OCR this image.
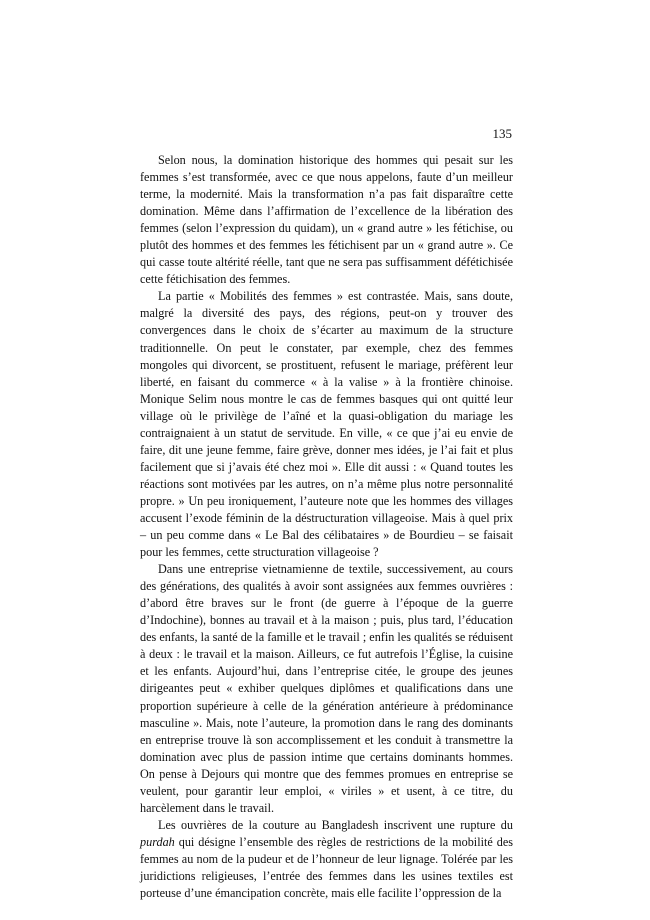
135

Selon nous, la domination historique des hommes qui pesait sur les femmes s’est transformée, avec ce que nous appelons, faute d’un meilleur terme, la modernité. Mais la transformation n’a pas fait disparaître cette domination. Même dans l’affirmation de l’excellence de la libération des femmes (selon l’expression du quidam), un « grand autre » les fétichise, ou plutôt des hommes et des femmes les fétichisent par un « grand autre ». Ce qui casse toute altérité réelle, tant que ne sera pas suffisamment défétichisée cette fétichisation des femmes.

La partie « Mobilités des femmes » est contrastée. Mais, sans doute, malgré la diversité des pays, des régions, peut-on y trouver des convergences dans le choix de s’écarter au maximum de la structure traditionnelle. On peut le constater, par exemple, chez des femmes mongoles qui divorcent, se prostituent, refusent le mariage, préfèrent leur liberté, en faisant du commerce « à la valise » à la frontière chinoise. Monique Selim nous montre le cas de femmes basques qui ont quitté leur village où le privilège de l’aîné et la quasi-obligation du mariage les contraignaient à un statut de servitude. En ville, « ce que j’ai eu envie de faire, dit une jeune femme, faire grève, donner mes idées, je l’ai fait et plus facilement que si j’avais été chez moi ». Elle dit aussi : « Quand toutes les réactions sont motivées par les autres, on n’a même plus notre personnalité propre. » Un peu ironiquement, l’auteure note que les hommes des villages accusent l’exode féminin de la déstructuration villageoise. Mais à quel prix – un peu comme dans « Le Bal des célibataires » de Bourdieu – se faisait pour les femmes, cette structuration villageoise ?

Dans une entreprise vietnamienne de textile, successivement, au cours des générations, des qualités à avoir sont assignées aux femmes ouvrières : d’abord être braves sur le front (de guerre à l’époque de la guerre d’Indochine), bonnes au travail et à la maison ; puis, plus tard, l’éducation des enfants, la santé de la famille et le travail ; enfin les qualités se réduisent à deux : le travail et la maison. Ailleurs, ce fut autrefois l’Église, la cuisine et les enfants. Aujourd’hui, dans l’entreprise citée, le groupe des jeunes dirigeantes peut « exhiber quelques diplômes et qualifications dans une proportion supérieure à celle de la génération antérieure à prédominance masculine ». Mais, note l’auteure, la promotion dans le rang des dominants en entreprise trouve là son accomplissement et les conduit à transmettre la domination avec plus de passion intime que certains dominants hommes. On pense à Dejours qui montre que des femmes promues en entreprise se veulent, pour garantir leur emploi, « viriles » et usent, à ce titre, du harcèlement dans le travail.

Les ouvrières de la couture au Bangladesh inscrivent une rupture du purdah qui désigne l’ensemble des règles de restrictions de la mobilité des femmes au nom de la pudeur et de l’honneur de leur lignage. Tolérée par les juridictions religieuses, l’entrée des femmes dans les usines textiles est porteuse d’une émancipation concrète, mais elle facilite l’oppression de la
